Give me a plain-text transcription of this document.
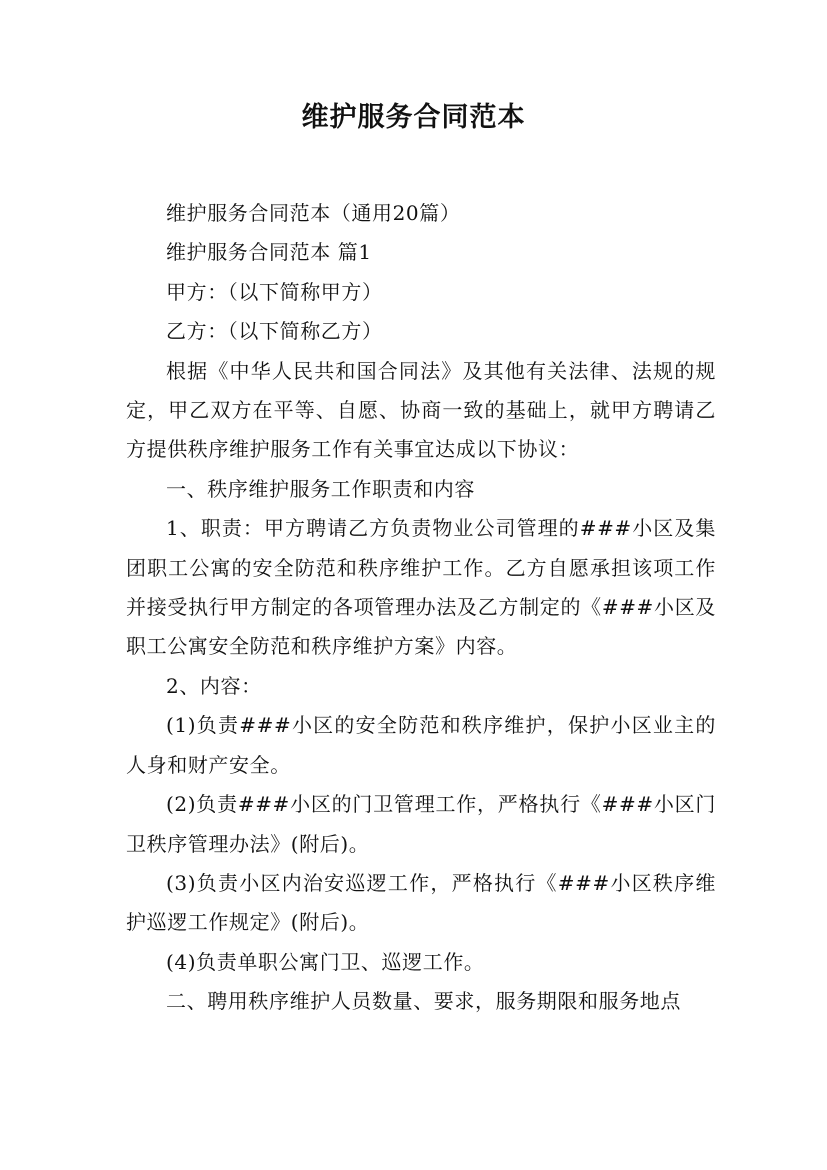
维护服务合同范本

维护服务合同范本（通用20篇）

维护服务合同范本 篇1

甲方：（以下简称甲方）

乙方：（以下简称乙方）

根据《中华人民共和国合同法》及其他有关法律、法规的规定，甲乙双方在平等、自愿、协商一致的基础上，就甲方聘请乙方提供秩序维护服务工作有关事宜达成以下协议：

一、秩序维护服务工作职责和内容

1、职责：甲方聘请乙方负责物业公司管理的###小区及集团职工公寓的安全防范和秩序维护工作。乙方自愿承担该项工作并接受执行甲方制定的各项管理办法及乙方制定的《###小区及职工公寓安全防范和秩序维护方案》内容。

2、内容：

(1)负责###小区的安全防范和秩序维护，保护小区业主的人身和财产安全。

(2)负责###小区的门卫管理工作，严格执行《###小区门卫秩序管理办法》(附后)。

(3)负责小区内治安巡逻工作，严格执行《###小区秩序维护巡逻工作规定》(附后)。

(4)负责单职公寓门卫、巡逻工作。

二、聘用秩序维护人员数量、要求，服务期限和服务地点
